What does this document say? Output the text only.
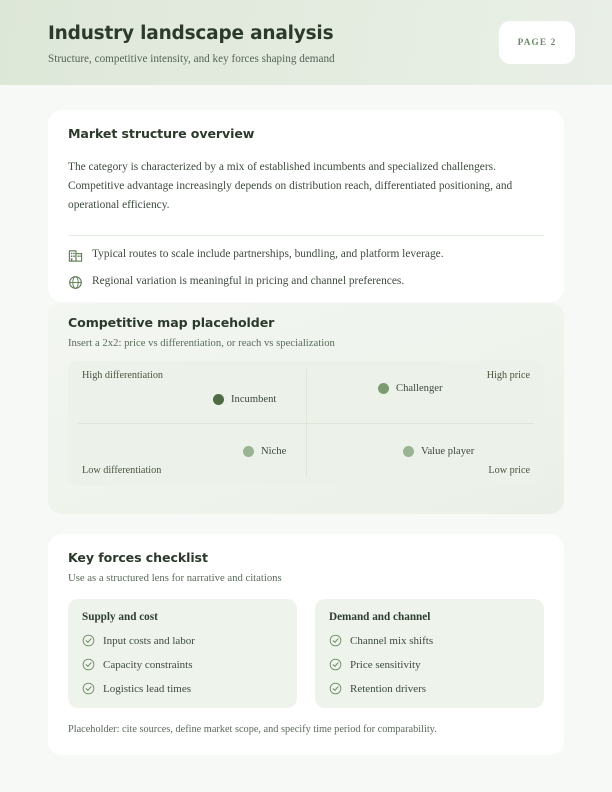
Industry landscape analysis

Structure, competitive intensity, and key forces shaping demand

PAGE 2
Market structure overview

The category is characterized by a mix of established incumbents and specialized challengers. Competitive advantage increasingly depends on distribution reach, differentiated positioning, and operational efficiency.

Typical routes to scale include partnerships, bundling, and platform leverage.
Regional variation is meaningful in pricing and channel preferences.
Competitive map placeholder

Insert a 2x2: price vs differentiation, or reach vs specialization

High differentiation	High price
Low differentiation	Low price
Incumbent
Challenger
Niche	Value player
Key forces checklist

Use as a structured lens for narrative and citations

Supply and cost
Input costs and labor
Capacity constraints
Logistics lead times
Demand and channel
Channel mix shifts
Price sensitivity
Retention drivers

Placeholder: cite sources, define market scope, and specify time period for comparability.
